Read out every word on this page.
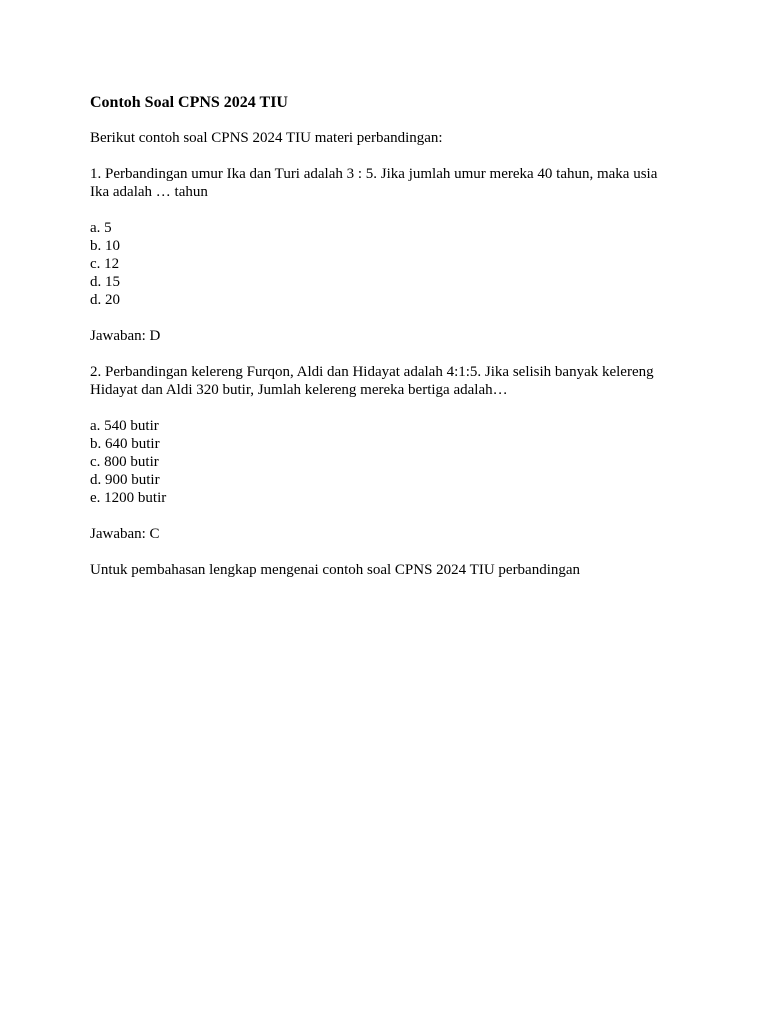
Contoh Soal CPNS 2024 TIU

Berikut contoh soal CPNS 2024 TIU materi perbandingan:

1. Perbandingan umur Ika dan Turi adalah 3 : 5. Jika jumlah umur mereka 40 tahun, maka usia Ika adalah … tahun

a. 5
b. 10
c. 12
d. 15
d. 20

Jawaban: D

2. Perbandingan kelereng Furqon, Aldi dan Hidayat adalah 4:1:5. Jika selisih banyak kelereng Hidayat dan Aldi 320 butir, Jumlah kelereng mereka bertiga adalah…

a. 540 butir
b. 640 butir
c. 800 butir
d. 900 butir
e. 1200 butir

Jawaban: C

Untuk pembahasan lengkap mengenai contoh soal CPNS 2024 TIU perbandingan
